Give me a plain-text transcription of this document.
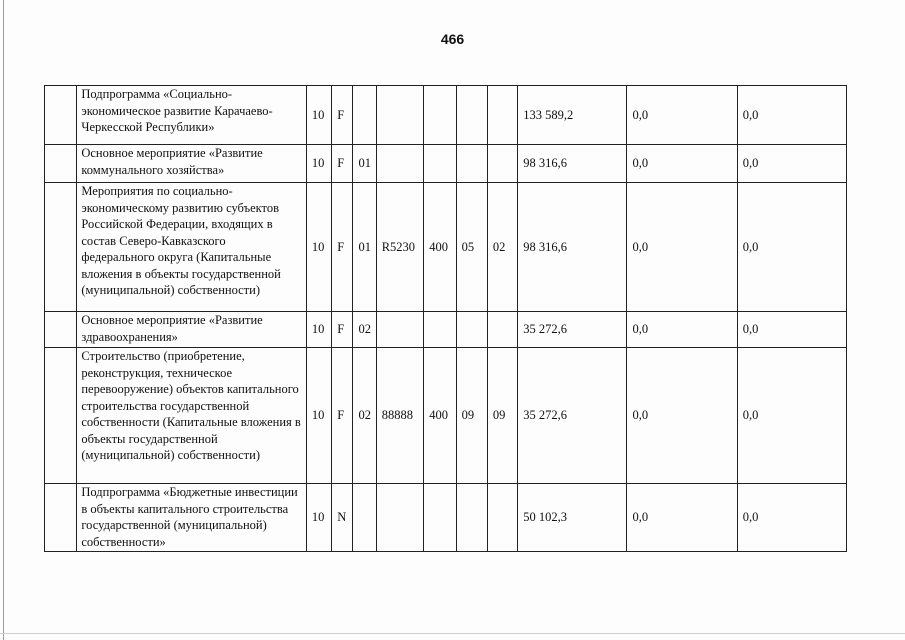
466
	Подпрограмма «Социально-экономическое развитие Карачаево-Черкесской Республики»	10	F						133 589,2	0,0	0,0
	Основное мероприятие «Развитие коммунального хозяйства»	10	F	01					98 316,6	0,0	0,0
	Мероприятия по социально-экономическому развитию субъектов Российской Федерации, входящих в состав Северо-Кавказского федерального округа (Капитальные вложения в объекты государственной (муниципальной) собственности)	10	F	01	R5230	400	05	02	98 316,6	0,0	0,0
	Основное мероприятие «Развитие здравоохранения»	10	F	02					35 272,6	0,0	0,0
	Строительство (приобретение, реконструкция, техническое перевооружение) объектов капитального строительства государственной собственности (Капитальные вложения в объекты государственной (муниципальной) собственности)	10	F	02	88888	400	09	09	35 272,6	0,0	0,0
	Подпрограмма «Бюджетные инвестиции в объекты капитального строительства государственной (муниципальной) собственности»	10	N						50 102,3	0,0	0,0
